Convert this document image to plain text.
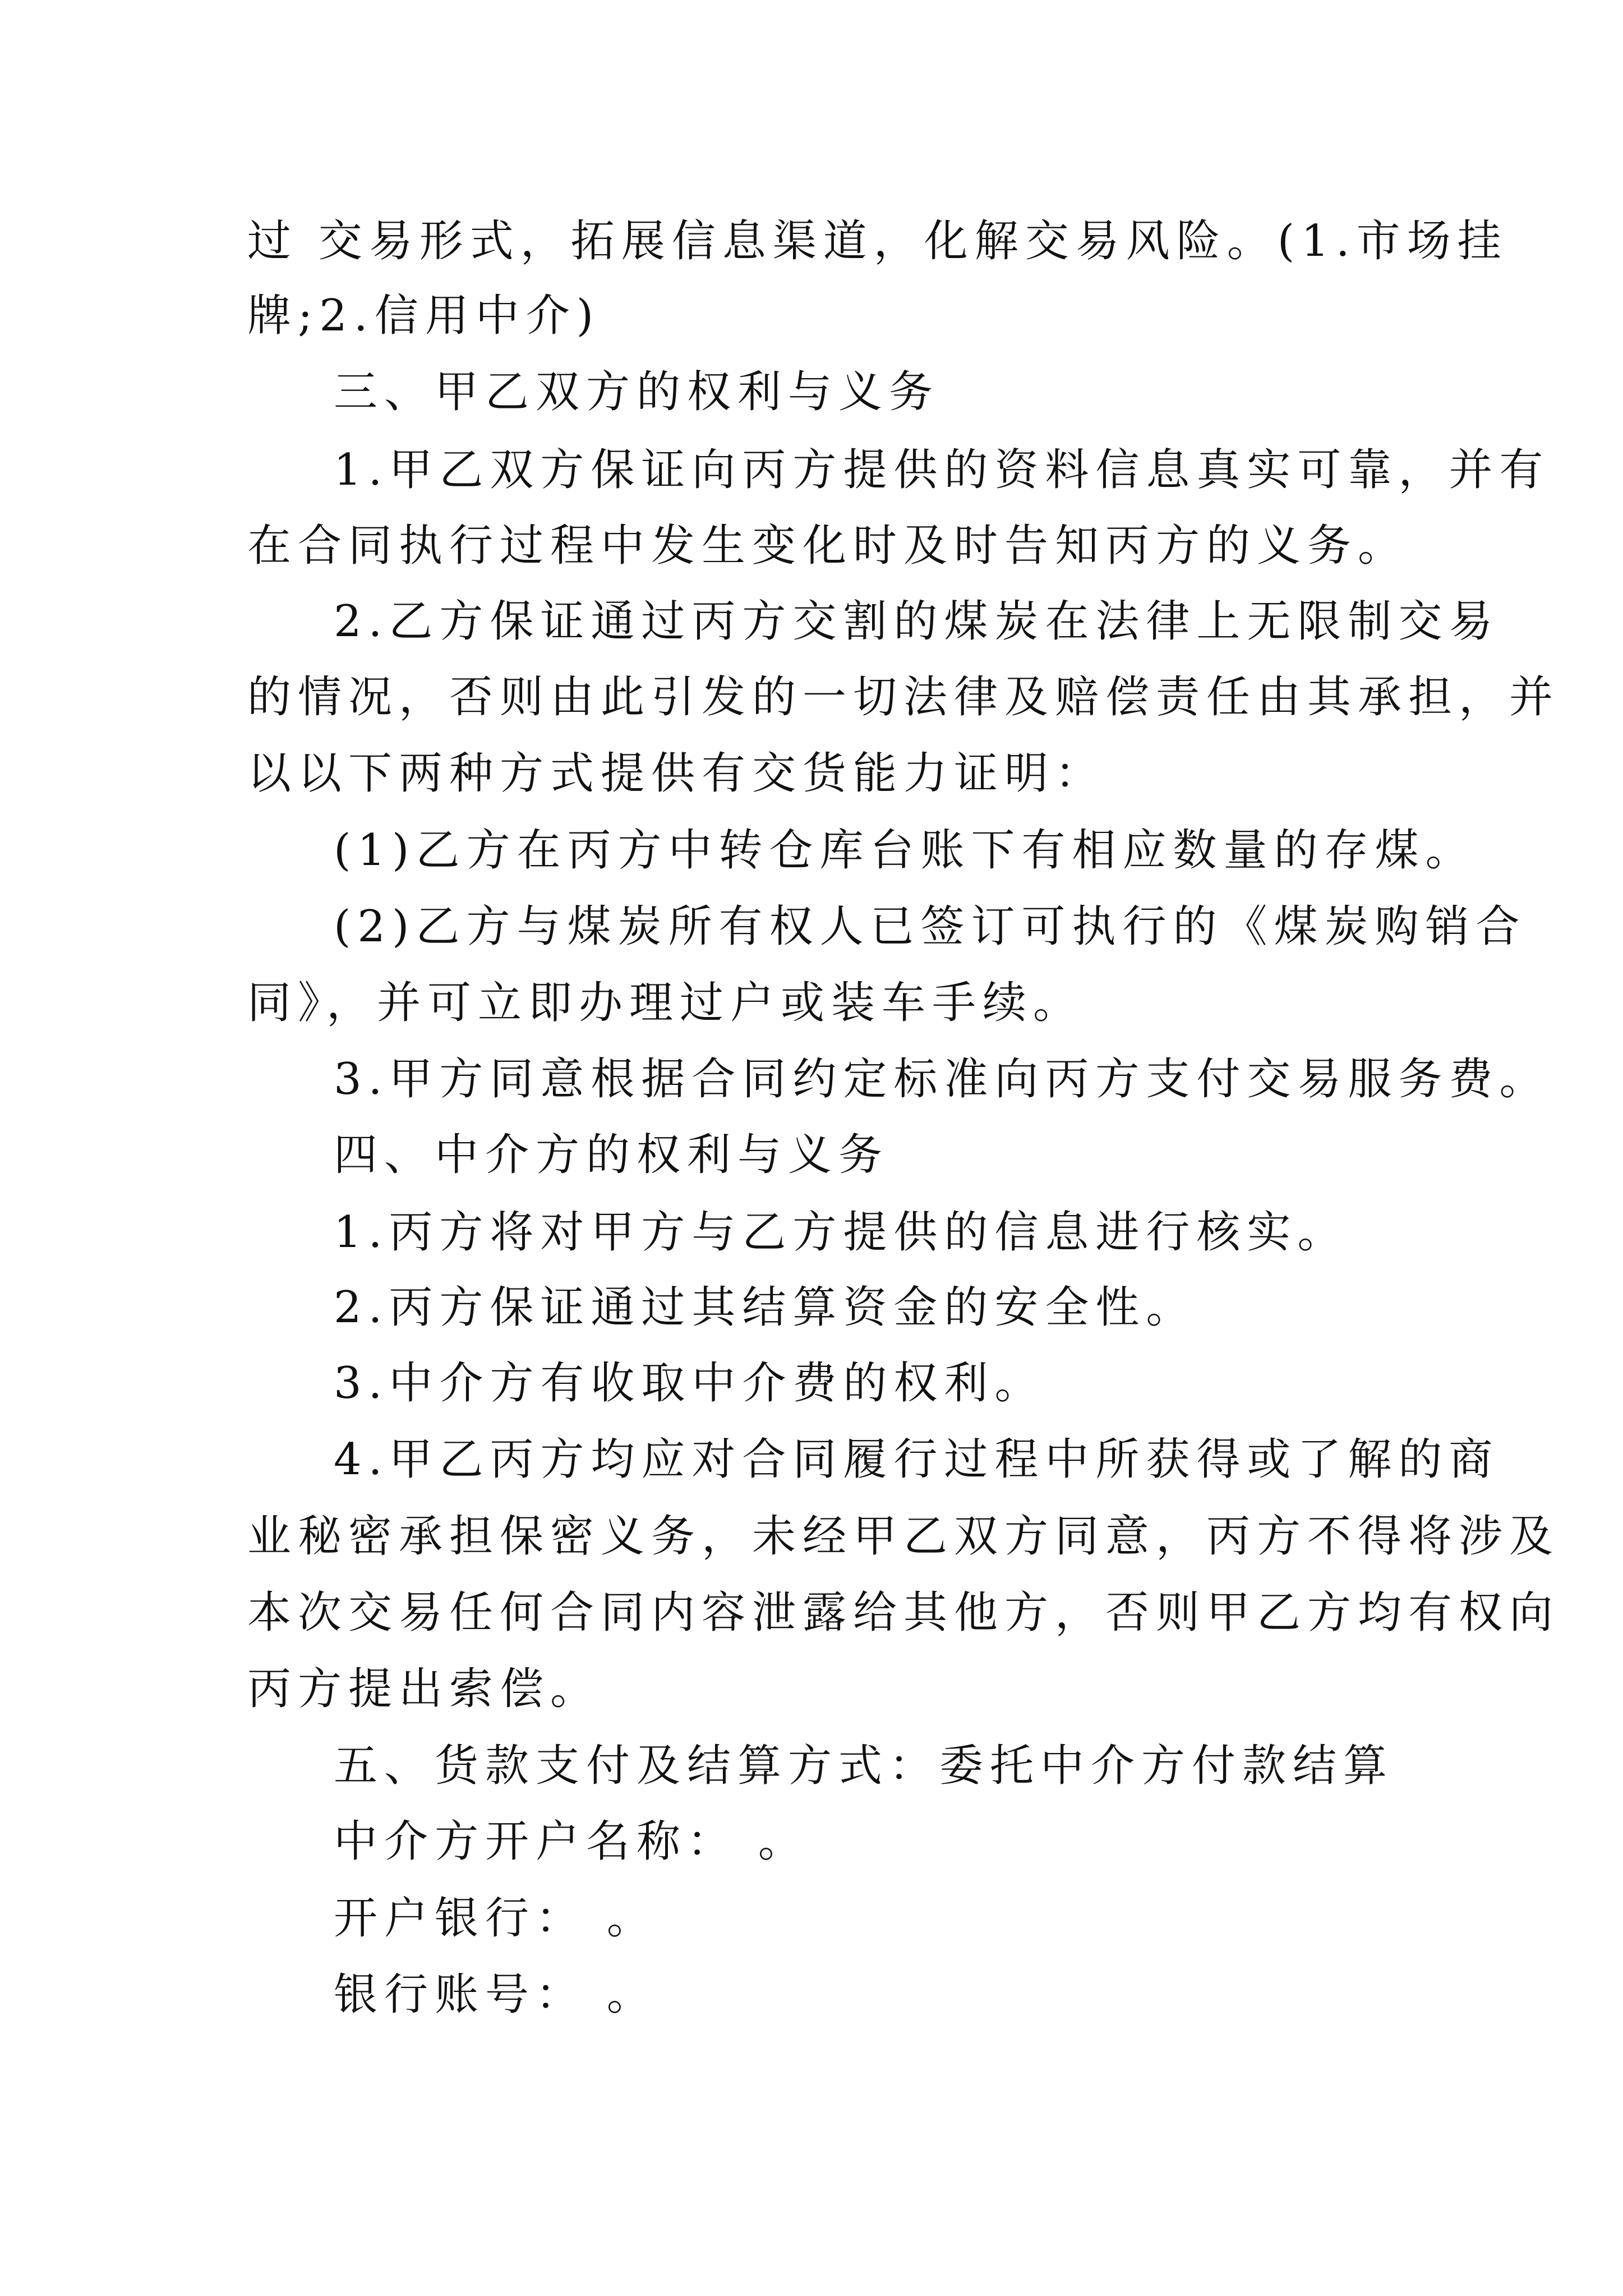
过 交易形式，拓展信息渠道，化解交易风险。(1.市场挂
牌;2.信用中介)
三、甲乙双方的权利与义务
1.甲乙双方保证向丙方提供的资料信息真实可靠，并有
在合同执行过程中发生变化时及时告知丙方的义务。
2.乙方保证通过丙方交割的煤炭在法律上无限制交易
的情况，否则由此引发的一切法律及赔偿责任由其承担，并
以以下两种方式提供有交货能力证明：
(1)乙方在丙方中转仓库台账下有相应数量的存煤。
(2)乙方与煤炭所有权人已签订可执行的《煤炭购销合
同》，并可立即办理过户或装车手续。
3.甲方同意根据合同约定标准向丙方支付交易服务费。
四、中介方的权利与义务
1.丙方将对甲方与乙方提供的信息进行核实。
2.丙方保证通过其结算资金的安全性。
3.中介方有收取中介费的权利。
4.甲乙丙方均应对合同履行过程中所获得或了解的商
业秘密承担保密义务，未经甲乙双方同意，丙方不得将涉及
本次交易任何合同内容泄露给其他方，否则甲乙方均有权向
丙方提出索偿。
五、货款支付及结算方式：委托中介方付款结算
中介方开户名称： 。
开户银行： 。
银行账号： 。
